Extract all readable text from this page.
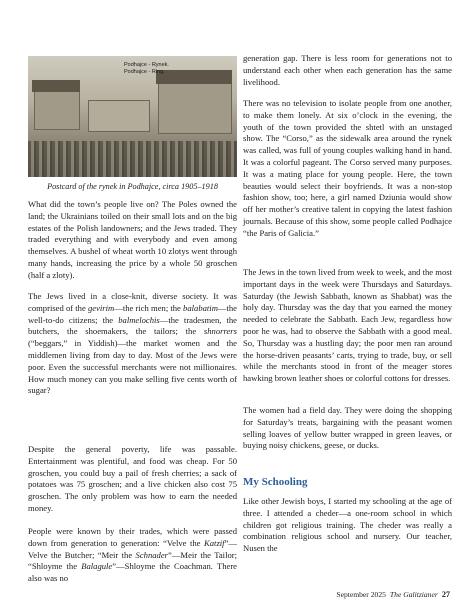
Podhajce - Rynek.
Podhajce - Ring.
Postcard of the rynek in Podhajce, circa 1905–1918

What did the town’s people live on? The Poles owned the land; the Ukrainians toiled on their small lots and on the big estates of the Polish landowners; and the Jews traded. They traded everything and with everybody and even among themselves. A bushel of wheat worth 10 zlotys went through many hands, increasing the price by a whole 50 groschen (half a zloty).

The Jews lived in a close-knit, diverse society. It was comprised of the gevirim—the rich men; the balabatim—the well-to-do citizens; the balmelochis—the tradesmen, the butchers, the shoemakers, the tailors; the shnorrers (“beggars,” in Yiddish)—the market women and the middlemen living from day to day. Most of the Jews were poor. Even the successful merchants were not millionaires. How much money can you make selling five cents worth of sugar?

Despite the general poverty, life was passable. Entertainment was plentiful, and food was cheap. For 50 groschen, you could buy a pail of fresh cherries; a sack of potatoes was 75 groschen; and a live chicken also cost 75 groschen. The only problem was how to earn the needed money.

People were known by their trades, which were passed down from generation to generation: “Velve the Katzif”—Velve the Butcher; “Meir the Schnader”—Meir the Tailor; “Shloyme the Balagule”—Shloyme the Coachman. There also was no

generation gap. There is less room for generations not to understand each other when each generation has the same livelihood.

There was no television to isolate people from one another, to make them lonely. At six o’clock in the evening, the youth of the town provided the shtetl with an unstaged show. The “Corso,” as the sidewalk area around the rynek was called, was full of young couples walking hand in hand. It was a colorful pageant. The Corso served many purposes. It was a mating place for young people. Here, the town beauties would select their boyfriends. It was a non-stop fashion show, too; here, a girl named Dziunia would show off her mother’s creative talent in copying the latest fashion journals. Because of this show, some people called Podhajce “the Paris of Galicia.”

The Jews in the town lived from week to week, and the most important days in the week were Thursdays and Saturdays. Saturday (the Jewish Sabbath, known as Shabbat) was the holy day. Thursday was the day that you earned the money needed to celebrate the Sabbath. Each Jew, regardless how poor he was, had to observe the Sabbath with a good meal. So, Thursday was a hustling day; the poor men ran around the horse-driven peasants’ carts, trying to trade, buy, or sell while the merchants stood in front of the meager stores hawking brown leather shoes or colorful cottons for dresses.

The women had a field day. They were doing the shopping for Saturday’s treats, bargaining with the peasant women selling loaves of yellow butter wrapped in green leaves, or buying noisy chickens, geese, or ducks.

Like other Jewish boys, I started my schooling at the age of three. I attended a cheder—a one-room school in which children got religious training. The cheder was really a combination religious school and nursery. Our teacher, Nusen the

My Schooling
September 2025 The Galitzianer 27
